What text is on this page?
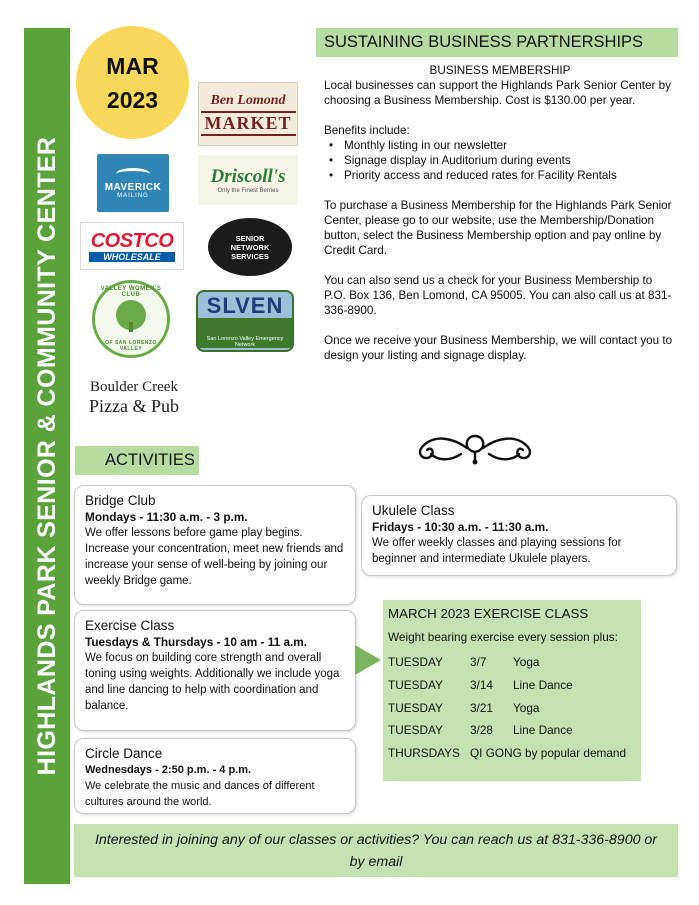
HIGHLANDS PARK SENIOR & COMMUNITY CENTER
MAR
2023	Ben Lomond
MARKET
MAVERICK
MAILING
Driscoll's
Only the Finest Berries
COSTCO
WHOLESALE
SENIOR
NETWORK
SERVICES
VALLEY WOMEN'S CLUB
OF SAN LORENZO VALLEY
SLVEN
San Lorenzo Valley Emergency Network
Boulder Creek
Pizza & Pub
SUSTAINING BUSINESS PARTNERSHIPS
BUSINESS MEMBERSHIP

Local businesses can support the Highlands Park Senior Center by choosing a Business Membership. Cost is $130.00 per year.

Benefits include:
• Monthly listing in our newsletter
• Signage display in Auditorium during events
• Priority access and reduced rates for Facility Rentals

To purchase a Business Membership for the Highlands Park Senior Center, please go to our website, use the Membership/Donation button, select the Business Membership option and pay online by Credit Card.

You can also send us a check for your Business Membership to P.O. Box 136, Ben Lomond, CA 95005. You can also call us at 831-336-8900.

Once we receive your Business Membership, we will contact you to design your listing and signage display.

ACTIVITIES
Bridge Club
Mondays - 11:30 a.m. - 3 p.m.
We offer lessons before game play begins. Increase your concentration, meet new friends and increase your sense of well-being by joining our weekly Bridge game.
Ukulele Class
Fridays - 10:30 a.m. - 11:30 a.m.
We offer weekly classes and playing sessions for beginner and intermediate Ukulele players.
Exercise Class
Tuesdays & Thursdays - 10 am - 11 a.m.
We focus on building core strength and overall toning using weights. Additionally we include yoga and line dancing to help with coordination and balance.
Circle Dance
Wednesdays - 2:50 p.m. - 4 p.m.
We celebrate the music and dances of different cultures around the world.
MARCH 2023 EXERCISE CLASS
Weight bearing exercise every session plus:
TUESDAY	3/7	Yoga
TUESDAY	3/14	Line Dance
TUESDAY	3/21	Yoga
TUESDAY	3/28	Line Dance
THURSDAYS QI GONG by popular demand
Interested in joining any of our classes or activities? You can reach us at 831-336-8900 or by email
